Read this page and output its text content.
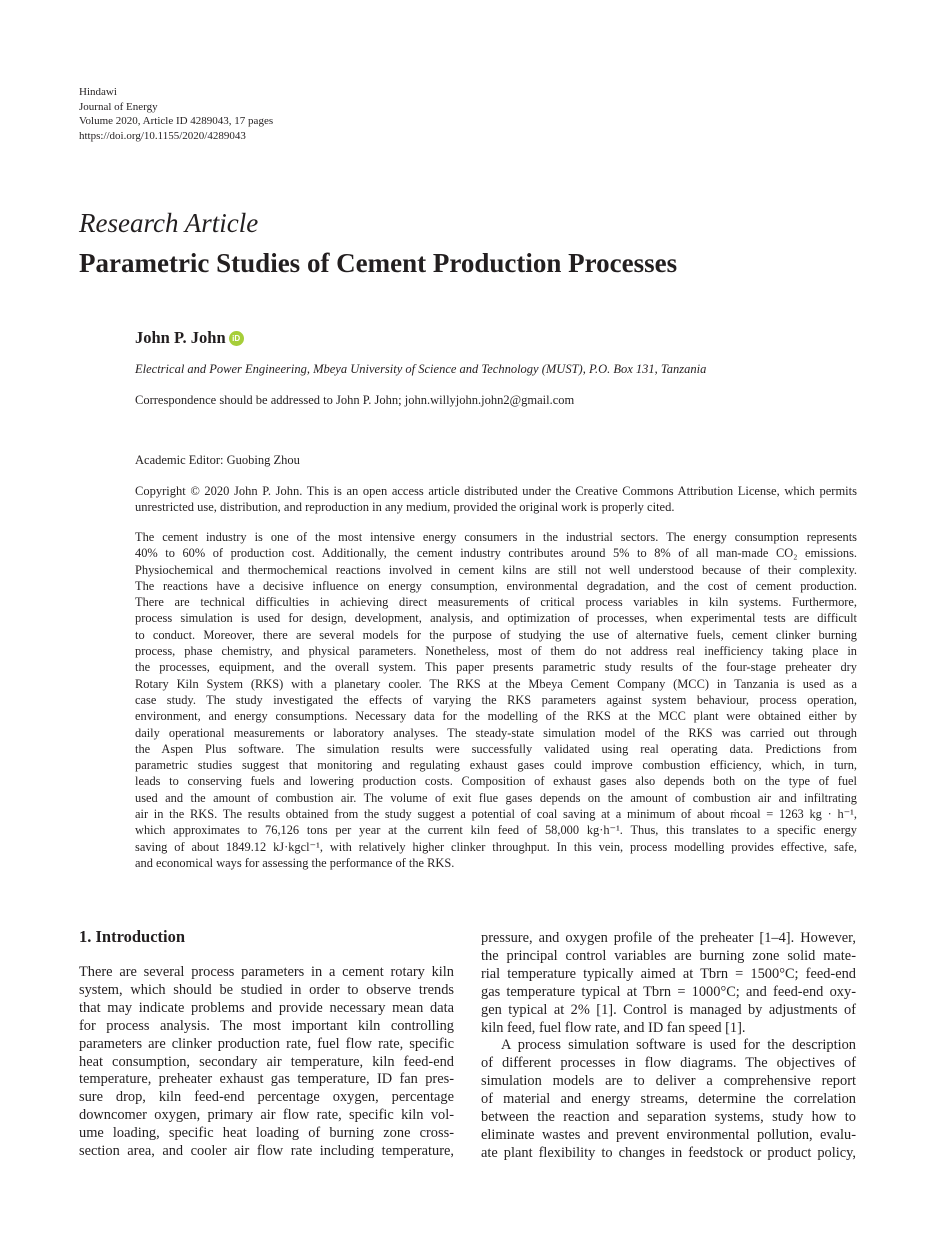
Hindawi
Journal of Energy
Volume 2020, Article ID 4289043, 17 pages
https://doi.org/10.1155/2020/4289043
Research Article
Parametric Studies of Cement Production Processes
John P. John iD
Electrical and Power Engineering, Mbeya University of Science and Technology (MUST), P.O. Box 131, Tanzania
Correspondence should be addressed to John P. John; john.willyjohn.john2@gmail.com
Academic Editor: Guobing Zhou
Copyright © 2020 John P. John. This is an open access article distributed under the Creative Commons Attribution License, which permits unrestricted use, distribution, and reproduction in any medium, provided the original work is properly cited.
The cement industry is one of the most intensive energy consumers in the industrial sectors. The energy consumption represents
40% to 60% of production cost. Additionally, the cement industry contributes around 5% to 8% of all man-made CO₂ emissions.
Physiochemical and thermochemical reactions involved in cement kilns are still not well understood because of their complexity.
The reactions have a decisive influence on energy consumption, environmental degradation, and the cost of cement production.
There are technical difficulties in achieving direct measurements of critical process variables in kiln systems. Furthermore,
process simulation is used for design, development, analysis, and optimization of processes, when experimental tests are difficult
to conduct. Moreover, there are several models for the purpose of studying the use of alternative fuels, cement clinker burning
process, phase chemistry, and physical parameters. Nonetheless, most of them do not address real inefficiency taking place in
the processes, equipment, and the overall system. This paper presents parametric study results of the four-stage preheater dry
Rotary Kiln System (RKS) with a planetary cooler. The RKS at the Mbeya Cement Company (MCC) in Tanzania is used as a
case study. The study investigated the effects of varying the RKS parameters against system behaviour, process operation,
environment, and energy consumptions. Necessary data for the modelling of the RKS at the MCC plant were obtained either by
daily operational measurements or laboratory analyses. The steady-state simulation model of the RKS was carried out through
the Aspen Plus software. The simulation results were successfully validated using real operating data. Predictions from
parametric studies suggest that monitoring and regulating exhaust gases could improve combustion efficiency, which, in turn,
leads to conserving fuels and lowering production costs. Composition of exhaust gases also depends both on the type of fuel
used and the amount of combustion air. The volume of exit flue gases depends on the amount of combustion air and infiltrating
air in the RKS. The results obtained from the study suggest a potential of coal saving at a minimum of about ṁcoal = 1263 kg · h⁻¹,
which approximates to 76,126 tons per year at the current kiln feed of 58,000 kg·h⁻¹. Thus, this translates to a specific energy
saving of about 1849.12 kJ·kgcl⁻¹, with relatively higher clinker throughput. In this vein, process modelling provides effective, safe,
and economical ways for assessing the performance of the RKS.
1. Introduction
There are several process parameters in a cement rotary kiln
system, which should be studied in order to observe trends
that may indicate problems and provide necessary mean data
for process analysis. The most important kiln controlling
parameters are clinker production rate, fuel flow rate, specific
heat consumption, secondary air temperature, kiln feed-end
temperature, preheater exhaust gas temperature, ID fan pres-
sure drop, kiln feed-end percentage oxygen, percentage
downcomer oxygen, primary air flow rate, specific kiln vol-
ume loading, specific heat loading of burning zone cross-
section area, and cooler air flow rate including temperature,
pressure, and oxygen profile of the preheater [1–4]. However,
the principal control variables are burning zone solid mate-
rial temperature typically aimed at Tbrn = 1500°C; feed-end
gas temperature typical at Tbrn = 1000°C; and feed-end oxy-
gen typical at 2% [1]. Control is managed by adjustments of
kiln feed, fuel flow rate, and ID fan speed [1].
A process simulation software is used for the description
of different processes in flow diagrams. The objectives of
simulation models are to deliver a comprehensive report
of material and energy streams, determine the correlation
between the reaction and separation systems, study how to
eliminate wastes and prevent environmental pollution, evalu-
ate plant flexibility to changes in feedstock or product policy,
